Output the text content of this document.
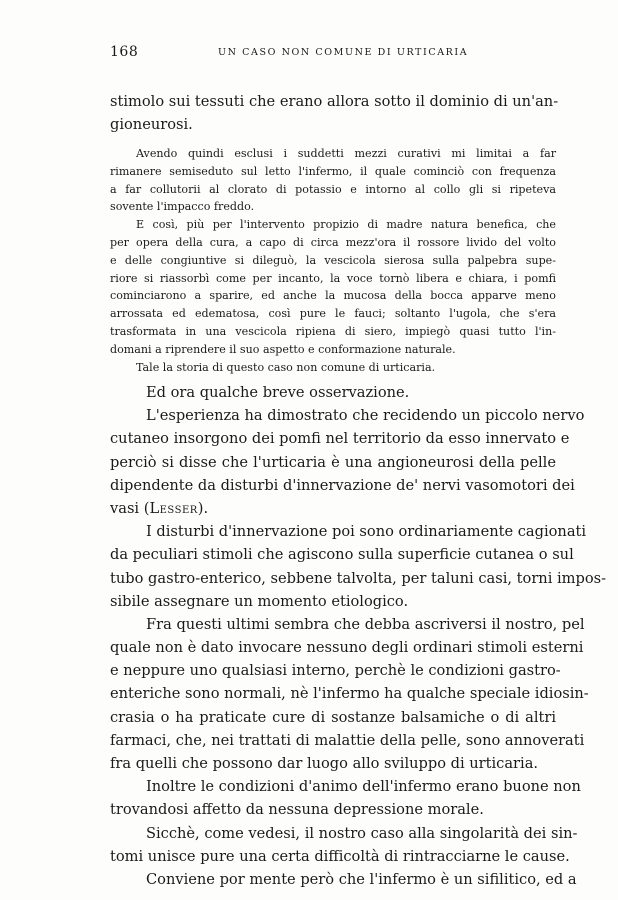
168	UN CASO NON COMUNE DI URTICARIA
stimolo sui tessuti che erano allora sotto il dominio di un'an-
gioneurosi.
Avendo quindi esclusi i suddetti mezzi curativi mi limitai a far
rimanere semiseduto sul letto l'infermo, il quale cominciò con frequenza
a far collutorii al clorato di potassio e intorno al collo gli si ripeteva
sovente l'impacco freddo.
E così, più per l'intervento propizio di madre natura benefica, che
per opera della cura, a capo di circa mezz'ora il rossore livido del volto
e delle congiuntive si dileguò, la vescicola sierosa sulla palpebra supe-
riore si riassorbì come per incanto, la voce tornò libera e chiara, i pomfi
cominciarono a sparire, ed anche la mucosa della bocca apparve meno
arrossata ed edematosa, così pure le fauci; soltanto l'ugola, che s'era
trasformata in una vescicola ripiena di siero, impiegò quasi tutto l'in-
domani a riprendere il suo aspetto e conformazione naturale.
Tale la storia di questo caso non comune di urticaria.
Ed ora qualche breve osservazione.
L'esperienza ha dimostrato che recidendo un piccolo nervo
cutaneo insorgono dei pomfi nel territorio da esso innervato e
perciò si disse che l'urticaria è una angioneurosi della pelle
dipendente da disturbi d'innervazione de' nervi vasomotori dei
vasi (Lesser).
I disturbi d'innervazione poi sono ordinariamente cagionati
da peculiari stimoli che agiscono sulla superficie cutanea o sul
tubo gastro-enterico, sebbene talvolta, per taluni casi, torni impos-
sibile assegnare un momento etiologico.
Fra questi ultimi sembra che debba ascriversi il nostro, pel
quale non è dato invocare nessuno degli ordinari stimoli esterni
e neppure uno qualsiasi interno, perchè le condizioni gastro-
enteriche sono normali, nè l'infermo ha qualche speciale idiosin-
crasia o ha praticate cure di sostanze balsamiche o di altri
farmaci, che, nei trattati di malattie della pelle, sono annoverati
fra quelli che possono dar luogo allo sviluppo di urticaria.
Inoltre le condizioni d'animo dell'infermo erano buone non
trovandosi affetto da nessuna depressione morale.
Sicchè, come vedesi, il nostro caso alla singolarità dei sin-
tomi unisce pure una certa difficoltà di rintracciarne le cause.
Conviene por mente però che l'infermo è un sifilitico, ed a
